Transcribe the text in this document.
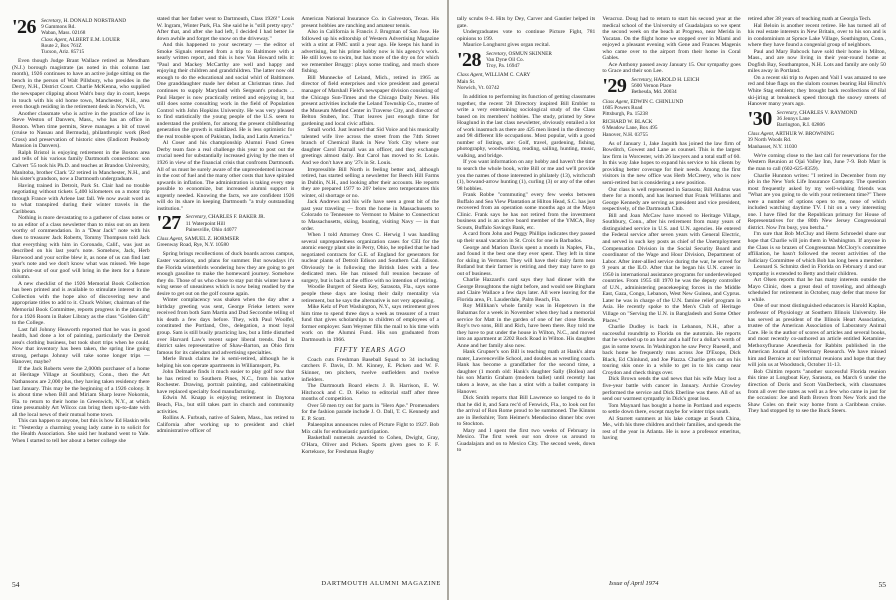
'26 Secretary, H. DONALD NORSTRAND
9 Gammons Rd.
Waban, Mass. 02168
Class Agent, ALBERT E.M. LOUER
Route 2, Box 761Z
Tucson, Ariz. 85715

Even though Judge Brant Wallace retired as Mendham (N.J.) borough magistrate (as noted in this column last month), 1926 continues to have an active judge sitting on the bench in the person of Walt Pillsbury, who presides in the Derry, N.H., District Court. Charlie McKenna, who supplied the newspaper clipping about Walt's busy day in court, keeps in touch with his old home town, Manchester, N.H., area even though residing in the retirement desk in Norwich, Vt.

Another classmate who is active in the practice of law is Steve Weston of Danvers, Mass., who has an office in Boston. When time permits, Steve manages a bit of travel (cruise to Nassau and Bermuda), philanthropic work (Red Cross) and preservation of historic sites (Endicott Peabody Mansion in Danvers).

Ralph Bristol is enjoying retirement in the Boston area and tells of his various family Dartmouth connections: son Calvert '55 took his Ph.D. and teaches at Brandon University, Manitoba, brother Clark '22 retired in Manchester, N.H., and his sister's grandson, now a Dartmouth undergraduate.

Having trained in Detroit, Park St. Clair had no trouble negotiating without tickets 5,400 kilometers on a motor trip through France with Arlene last fall. We now await word as to what transpired during their winter travels in the Caribbean.

Nothing is more devastating to a gatherer of class notes or to an editor of a class newsletter than to miss out on an item worthy of commendation. In a "Dear Jack" note with his dues to treasurer Jack Roberts, Tommy Thompson told Jack that everything with him in Coronado, Calif., was just as described on his last year's note. Somehow, Jack, Herb Harwood and your scribe blew it, as none of us can find last year's note and we don't know what was missed. We hope this print-out of our goof will bring in the item for a future column.

A new checklist of the 1926 Memorial Book Collection has been printed and is available to stimulate interest in the Collection with the hope also of discovering new and appropriate titles to add to it. Chuck Wolser, chairman of the Memorial Book Committee, reports progress in the planning for a 1926 Room in Baker Library as the class "Golden Gift" to the College.

Last fall Johnny Heaworth reported that he was in good health, had done a lot of painting, particularly the Detroit area's clothing business, but took short trips when he could. Now that inventory has been taken, the spring line going strong, perhaps Johnny will take some longer trips — Hanover, maybe?

If the Jack Roberts were the 2,000th purchaser of a home at Heritage Village at Southbury, Conn., then the Art Nathansons are 2,000 plus, they having taken residency there last January. This may be the beginning of a 1926 colony. It is about time when Bill and Miriam Sharp leave Nokomis, Fla. to return to their home in Greenwich, N.Y., at which time presumably Art Wilcox can bring them up-to-date with all the local news of their mutual home town.

This can happen to anyone, but this is how Ed Haskin tells it: "Yesterday a charming young lady came in to solicit for the Health Association. She said her husband went to Yale. When I started to tell her about a better college she

stated that her father went to Dartmouth, Class 1926!" Louis W. Ingram, Winter Park, Fla. She said he is "still pretty spry." After that, and after she had left, I decided I had better lie down awhile and forget the snow on the driveway."

And this happened to your secretary — the editor of Smoke Signals returned from a trip to Baltimore with a nearly written report, and this is how Van Howard tells it: "Paul and Mackey McCarthy are well and happy and enjoying their children and grandchildren. The latter now old enough to do the educational and social whirl of Baltimore. One granddaughter made her debut at Christmas time. Jud continues to supply Maryland with Sergeant's products ... Paul Harper is now practically retired and enjoying it, but still does some consulting work in the field of Population Control with John Hopkins University. He was very pleased to find statistically the young people of the U.S. seem to understand the problem, for among the present childbearing generation the growth is stabilized. He is less optimistic for the real trouble spots of Pakistan, India, and Latin America."

Al Coser and his championship Alumni Fund Green Derby team face a real challenge this year to post out the crucial need for substantially increased giving by the men of 1926 in view of the financial crisis that confronts Dartmouth. All of us must be surely aware of the unprecedented increase in the cost of fuel and the many other costs that have spiraled upwards in inflation. The administration is taking every step possible to economize, but increased alumni support is urgently needed. Knowing the facts, we are confident 1926 will do its share in keeping Dartmouth "a truly outstanding institution."

'27 Secretary, CHARLES F. BAKER JR.
11 Waterpoint Hill
Painesville, Ohio 44077
Class Agent, SAMUEL Z. HORMSER
Greenway Road, Rye, N.Y. 10580

Spring brings recollections of duck boards across campus, Easter vacations, and plans for summer. But nowadays it's the Florida winterbirds wondering how they are going to get enough gasoline to make the homeward journey. Somehow they do. Those of us who chose to stay put this winter have a wing sense of uneasiness which is now being readied by the desire to get out on the golf course again.

Winter complacency was shaken when the day after a birthday greeting was sent, George Frieke letters were received from both Sam Martin and Dud Seccombe telling of his death a few days before. They, with Paul Woolfel, constituted the Portland, Ore., delegation, a most loyal group. Sam is still busily practicing law, but a little disturbed over Harvard Law's recent super liberal trends. Dud is district sales representative of Shaw-Barton, an Ohio firm famous for its calendars and advertising specialties.

Merle Brush claims he is semi-retired, although he is helping his son operate apartments in Williamsport, Pa.

John Delmarle finds it much easier to play golf now that he has retired to Southern Pines, N.C., from his native Rochester. Drawing, portrait painting, and cabinetmaking have replaced specialty food manufacturing.

Edwin M. Knapp is enjoying retirement in Daytona Beach, Fla., but still takes part in church and community activities.

Rollins A. Furbush, native of Salem, Mass., has retired to California after working up to president and chief administrative officer of

American National Insurance Co. in Galveston, Texas. His present hobbies are ranching and amateur tennis.

Also in California is Francis J. Brugman of San Jose. He followed up his editorship of Western Advertising Magazine with a stint at FMC until a year ago. He keeps his hand in advertising, but his prime hobby now is his agency's work. He still loves to swim, but has more of the dry on for which we remember Bruggy: plays some trading, and much shore fishing.

Bill Munnecke of Leland, Mich., retired in 1965 as director of field enterprises and vice president and general manager of Marshall Field's newspaper division consisting of the Chicago Sun-Times and the Chicago Daily News. His present activities include the Leland Township Co., trustee of the Museum Method Center in Traverse City, and director of Belton Stuben, Inc. That leaves just enough time for gardening and local civic affairs.

Small world. Just learned that Sid Voice and his musically talented wife live across the street from the 74th Street branch of Chemical Bank in New York City where our daughter Carol Durnall was an officer, and they exchange greetings almost daily. But Carol has moved to St. Louis. And we don't have any '27s in St. Louis.

Irrepressible Bill North is feeling better and, although retired, has started selling a newsletter for Beech Hill Farms in Dublin, N.H., and looking after their accounts. He reports they are prepared 1977 to 20? below zero temperatures this winter, oil shortage or no.

Jack Andrews and his wife have seen a great bit of the past year traveling — from the home in Massachusetts to Colorado to Tennessee to Vermont to Maine to Connecticut to Massachusetts, skiing, boating, visiting Navy — in that order.

When I told Attorney Ores C. Herwig I was handling several unpreparedness organization cases for CEI for the atomic energy plant site in Perry, Ohio, he replied that he had negotiated contracts for G.E. of England for generators for nuclear plants of Detroit Edison and Southern Cal. Edison. Obviously he is following the British Isles with a few dedicated men. He has missed full reunion because of surgery, but is back at the office with no intention of retiring.

Woodie Burgert of Siesta Key, Sarasota, Fla., says some people these days are losing their daily mentality via retirement, but he says the alternative is not very appealing.

Mike Kelz of Port Washington, N.Y., says retirement gives him time to spend three days a week as treasurer of a trust fund that gives scholarships to children of employees of a former employer. Sam Weymer fills the mail to his time with work on the Alumni Fund. His son graduated from Dartmouth in 1966.

FIFTY YEARS AGO

Coach cuts Freshman Baseball Squad to 34 including catchers F. Davis, D. M. Kinney, E. Picken and W. F. Skinner, ten pitchers, twelve outfielders and twelve infielders.

The Dartmouth Board elects J. B. Harrison, E. W. Hitchcock and C. D. Kelso to editorial staff after three months of competition.

Over 50 men try out for parts in "Hero Ape." Promenaders for the fashion parade include J. O. Dall, T. C. Kennedy and E. P. Scott.

Palaeopitus announces rules of Picture Fight to 1927. Bob Mix calls for enthusiastic participation.

Basketball numerals awarded to Cohen, Dwight, Gray, O'Hara, Oliver and Picken. Sports given goes to F. F. Kortekuce, for Freshman Rugby

54	DARTMOUTH ALUMNI MAGAZINE

tally scrubs 8-4. Hits by Dey, Carver and Gautier helped its gate.

Undergraduates vote to continue Picture Fight, 781 opinions to 199.

Maurice Longhurst gives organ recital.

'28 Secretary, OSMUN SKINNER
Van Dyne Oil Co.
Troy, Pa. 16947
Class Agent, WILLIAM C. CARY
Main St.
Norwich, Vt. 03742

In addition to performing its function of getting classmates together, the recent '28 Directory inspired Bill Embler to write a very entertaining sociological study of the Class based on its members' hobbies. The study, printed by Stew Hoaglund in the last class newsletter, obviously entailed a lot of work inasmuch as there are 425 men listed in the directory and 98 different life occupations. Most popular, with a good number of listings, are: Golf, travel, gardening, fishing, photography, woodworking, reading, sailing, hunting, music, walking, and bridge.

If you want information on any hobby and haven't the time to search the whole book, write Bill or me and we'll provide you the names of those interested in philately (13), witchcraft (1), bowand-arrow hunting (1), curling (3) or any of the other 98 hobbies.

Frank Robbe "commuting" every few weeks between Buffalo and Sea View Plantation at Hilton Head, S.C. has just recovered from an operation some months ago at the Mayo Clinic. Frank says he has not retired from the investment business and is an active board member of the YMCA, Boy Scouts, Buffalo Savings Bank, etc.

A card from John and Peggy Phillips indicates they passed up their usual vacation in St. Croix for one in Barbados.

George and Marion Davis spent a month in Naples, Fla., and found it the best one they ever spent. They left in time for skiing in Vermont. They will have their dairy farm near Rutland but their farmer is retiring and they may have to go out of business.

Charlie Hazzard's card says they had dinner with the George Broughtons the night before, and would see Bingham and Claire Wallace a few days later. All were leaving for the Florida area, Ft. Lauderdale, Palm Beach, Fla.

Roy Millikan's whole family was in Hopetown in the Bahamas for a week in November when they had a memorial service for Matt in the garden of one of her close friends. Roy's two sons, Bill and Rich, have been there. Roy told me they have to put under the house in Wilton, N.C., and moved into an apartment at 2202 Rock Road in Wilton. His daughter Anne and her family also now.

Hank Grupner's son Bill is teaching math at Hank's alma mater, Lawrenceville School, and doubles as wrestling coach. Hank has become a grandfather for the second time, a daughter (1 month old: Hank's daughter Sally (Bollea) and his son Martin Graham (modern ballet) until recently has taken a leave, as she has a stint with a ballet company in Hanover.

Dick Smith reports that Bill Lawrence so longed to do it that he did it, and Sara rec'd of Fenwick, Fla., to look out for the arrival of Ron Rome proud to be summoned. The Kinnns are in Berkshire; Tom Heimer's Mendocino dinner bbc over to Stockton.

Mary and I spent the first two weeks of February in Mexico. The first week our son drove us around to Guadalajara and on to Mexico City. The second week, down to

Veracruz. Doug had to return to start his second year at the medical school of the University of Guadalajara so we spent the second week on the beach at Progreso, near Merida in Yucatan. On the flight home we stopped over in Miami and enjoyed a pleasant evening with Gene and Frances Magenis who came over to the airport from their home in Coral Gables.

Ace Anthony passed away January 15. Our sympathy goes to Grace and their son Lee.

'29 Secretary, HAROLD H. LEICH
5600 Vernon Place
Bethesda, Md. 20034
Class Agent, EDWIN C. CHINLUND
1605 Powers Road
Pittsburgh, Pa. 15238
RICHARD W. BLACK
6 Meadow Lane, Box 495
Hanover, N.H. 03755

As of January 1, Jake Jaquith has joined the law firm of Bowditch, Gowest and Lane as counsel. This is the largest law firm in Worcester, with 26 lawyers and a total staff of 60. In this way Jake hopes to expand his service to his clients by providing better coverage for their needs. Among the first visitors in the new office was Herb McCreery, who is now semi-retired but is considering a new position.

Our class is well represented in Sarasota; Bill Andrus was there for a month, and has learned that Frank Williams and George Kennedy are serving as president and vice president, respectively, of the Dartmouth Club.

Bill and Joan McCaw have moved to Heritage Village, Southbury, Conn., after his retirement from many years of distinguished service in U.S. and U.N. agencies. He entered the Federal service after seven years with General Electric, and served in such key posts as chief of the Unemployment Compensation Division in the Social Security Board and coordinator of the Wage and Hour Division, Department of Labor. After inter-allied service during the war, he served for 9 years at the ILO. After that he began his U.N. career in 1950 in international assistance programs for underdeveloped countries. From 1955 till 1970 he was the deputy controller of U.N., administering peacekeeping forces in the Middle East, Gaza, Congo, Lebanon, West New Guinea, and Cyprus. Later he was in charge of the U.N. famine relief program in Asia. He recently spoke to the Men's Club of Heritage Village on "Serving the U.N. in Bangladesh and Some Other Places."

Charlie Dudley is back in Lebanon, N.H., after a successful roundtrip to Florida on the autotrain. He reports that he worked up to an hour and a half for a dollar's worth of gas in some towns. In Washington he saw Percy Ruesell, and back home he frequently runs across Joe D'Esopo, Dick Black, Ed Chinlund, and Joe Piazza. Charlie gets out on his touring skis once in a while to get in to his camp near Croydon and check things over.

Dick Brown sends the sad news that his wife Mary lost a five-year battle with cancer in January. Archie Crowley performed the service and Dick Eberline was there. All of us send our warmest sympathy in Dick's great loss.

Tom Maynard has bought a home in Portland and expects to settle down there, except maybe for winter trips south.

Al Starrett summers at his lake cottage at South China, Me., with his three children and their families, and spends the rest of the year in Atlanta. He is now a professor emeritus, having

retired after 38 years of teaching math at Georgia Tech.

Hal Beloin is another recent retiree. He has turned all of his real estate interests in New Britain, over to his son and is in condominium at Spruce Lake Village, Southington, Conn., where they have found a congenial group of neighbors.

Paul and Mary Babcock have sold their home in Milton, Mass., and are now living in their year-round home at Dogfish Bay, Southampton, N.H. Lots and family are only 50 miles away in Portland.

On a recent ski trip to Aspen and Vail I was amazed to see red and blue flags on the slalom courses bearing Hal Hirsch's White Stag emblem; they brought back recollections of Hal ski-jiring at breakneck speed through the snowy streets of Hanover many years ago.

'30 Secretary, CHARLES V. RAYMOND
36 Jennys Lane
Barrington, R.I. 02806
Class Agent, ARTHUR W. BROWNING
39 North Woods Rd.
Manhasset, N.Y. 11030

We're coming close to the last call for reservations for the Western Reunion at Ojai Valley Inn, June 7-9. Bob Marr is the man to call (602-625-8359).

Charlie Hunnton writes: "I retired in December from my job in the New York Life Insurance Company. The question most frequently asked by my well-wishing friends was "What are you going to do with your retirement time?" There were a number of options open to me, none of which included watching daytime TV. I hit on a very interesting one. I have filed for the Republican primary for House of Representatives for the 80th New Jersey Congressional district. Now I'm busy, you betcha."

I'm sure that Bob McCluy and Herm Schroedel share our hope that Charlie will join them in Washington. If anyone in the Class is so brazen of Congressman McClory's committee affiliation, he hasn't followed the recent activities of the Judiciary Committee of which Bob has long been a member.

Leonard S. Schmitz died in Florida on February 4 and our sympathy is extended to Betty and their children.

Art Olsen reports that he has many interests outside the Mayo Clinic, does a great deal of traveling, and although scheduled for retirement in October, may defer that move for a while.

One of our most distinguished educators is Harold Kaplan, professor of Physiology at Southern Illinois University. He has served as president of the Illinois Heart Association, trustee of the American Association of Laboratory Animal Care. He is the author of scores of articles and several books, and most recently co-authored an article entitled Ketamine-Methoxyflurane Anesthesia for Rabbits published in the American Journal of Veterinary Research. We have missed him and Bernice at our informal reunions and hope that they will join us at Woodstock, October 11-13.

Bob Chittim reports "another successful Florida reunion this time at Longboat Key, Sarasota, on March 6 under the direction of Doris and Scott VanDerbeck, with classmates from all over the states as well as a few who came in just for the occasion: Joe and Ruth Brown from New York and the Shaw Coles on their way home from a Caribbean cruise. They had stopped by to see the Buck Steers.

Issue of April 1974	55
